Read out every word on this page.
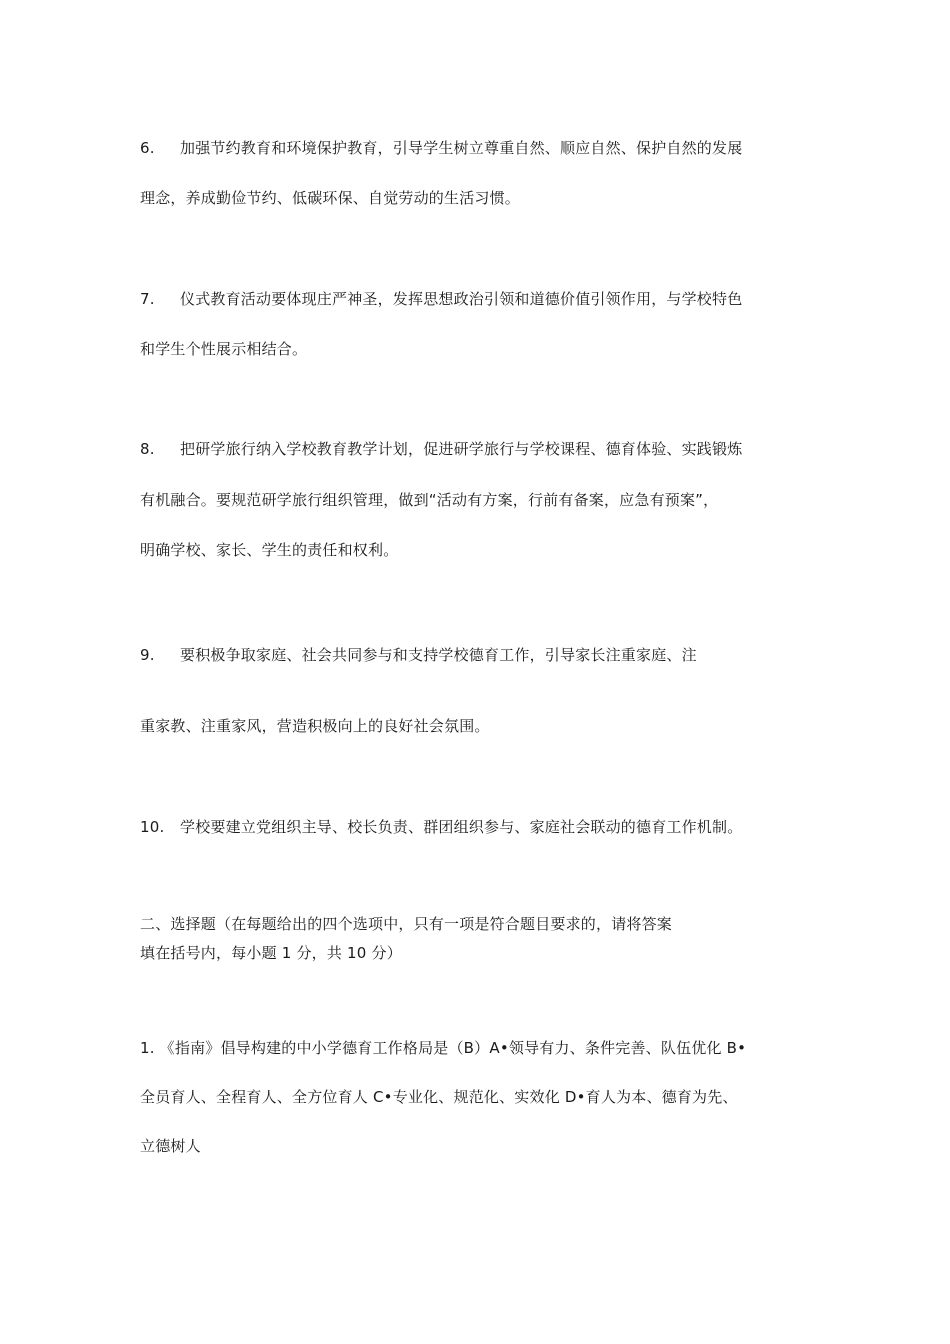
6. 加强节约教育和环境保护教育，引导学生树立尊重自然、顺应自然、保护自然的发展
理念，养成勤俭节约、低碳环保、自觉劳动的生活习惯。
7. 仪式教育活动要体现庄严神圣，发挥思想政治引领和道德价值引领作用，与学校特色
和学生个性展示相结合。
8. 把研学旅行纳入学校教育教学计划，促进研学旅行与学校课程、德育体验、实践锻炼
有机融合。要规范研学旅行组织管理，做到“活动有方案，行前有备案，应急有预案”，
明确学校、家长、学生的责任和权利。
9. 要积极争取家庭、社会共同参与和支持学校德育工作，引导家长注重家庭、注
重家教、注重家风，营造积极向上的良好社会氛围。
10. 学校要建立党组织主导、校长负责、群团组织参与、家庭社会联动的德育工作机制。
二、选择题（在每题给出的四个选项中，只有一项是符合题目要求的，请将答案
填在括号内，每小题 1 分，共 10 分）
1. 《指南》倡导构建的中小学德育工作格局是（B）A•领导有力、条件完善、队伍优化 B•
全员育人、全程育人、全方位育人 C•专业化、规范化、实效化 D•育人为本、德育为先、
立德树人
